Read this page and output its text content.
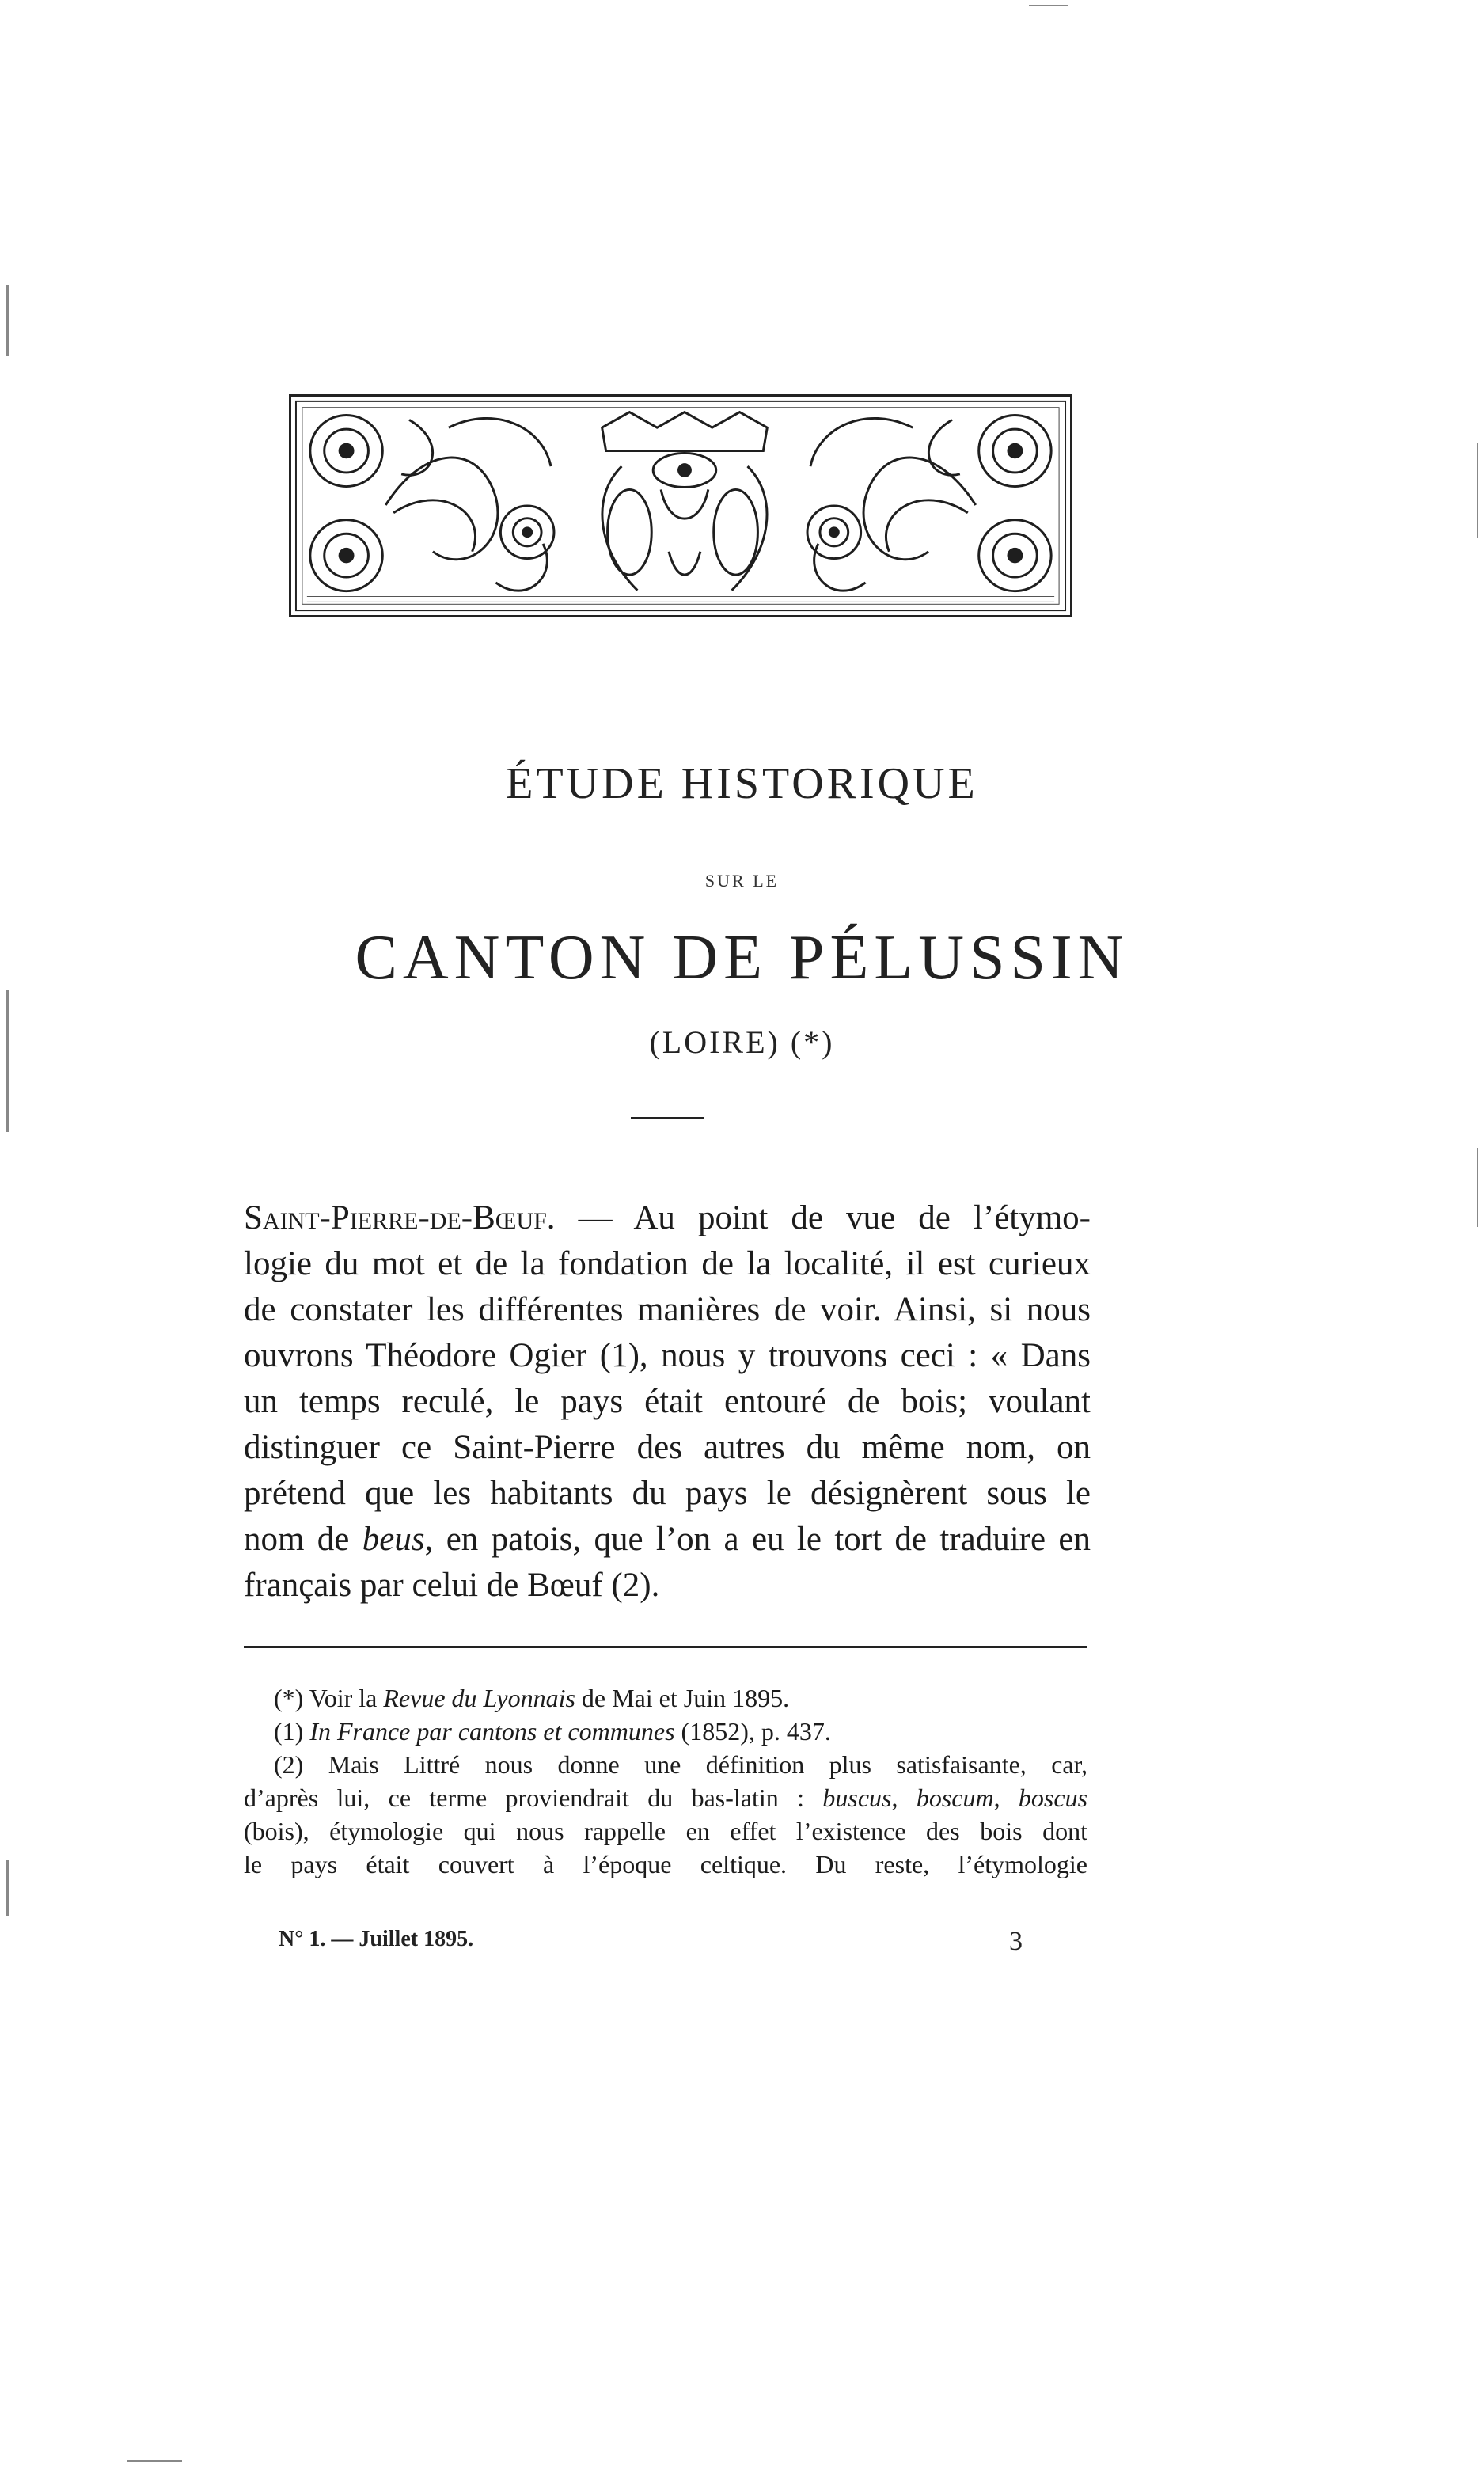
ÉTUDE HISTORIQUE
SUR LE
CANTON DE PÉLUSSIN
(LOIRE) (*)
Saint-Pierre-de-Bœuf. — Au point de vue de l’étymo-
logie du mot et de la fondation de la localité, il est curieux
de constater les différentes manières de voir. Ainsi, si nous
ouvrons Théodore Ogier (1), nous y trouvons ceci : « Dans
un temps reculé, le pays était entouré de bois; voulant
distinguer ce Saint-Pierre des autres du même nom, on
prétend que les habitants du pays le désignèrent sous le
nom de beus, en patois, que l’on a eu le tort de traduire en
français par celui de Bœuf (2).
(*) Voir la Revue du Lyonnais de Mai et Juin 1895.
(1) In France par cantons et communes (1852), p. 437.
(2) Mais Littré nous donne une définition plus satisfaisante, car,
d’après lui, ce terme proviendrait du bas-latin : buscus, boscum, boscus
(bois), étymologie qui nous rappelle en effet l’existence des bois dont
le pays était couvert à l’époque celtique. Du reste, l’étymologie
N° 1. — Juillet 1895.	3
